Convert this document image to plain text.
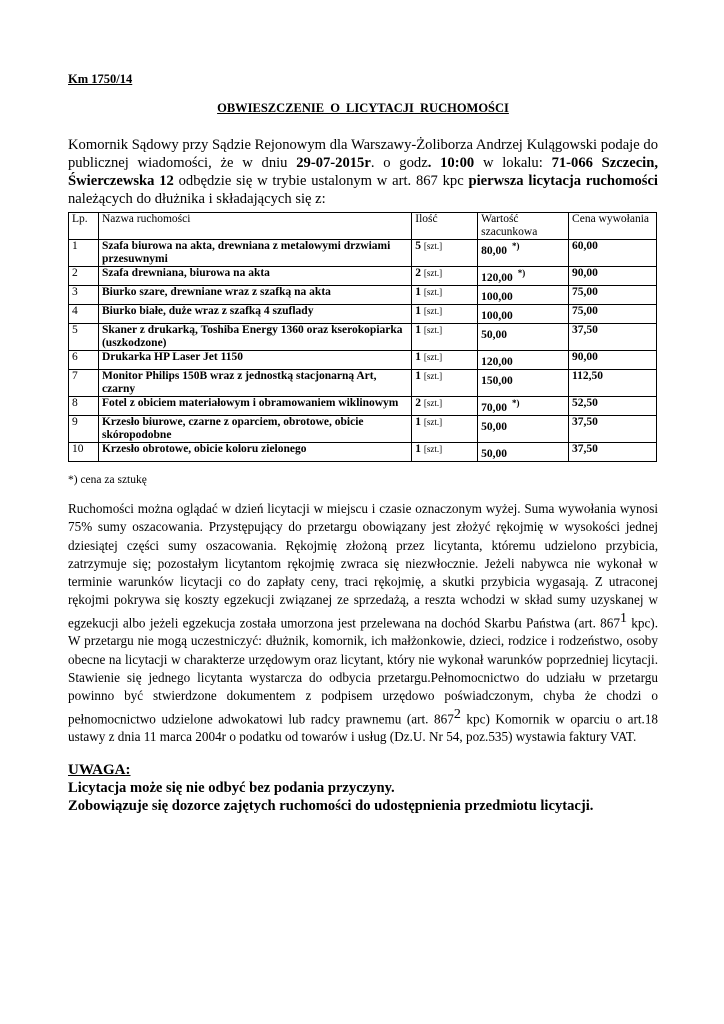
Km 1750/14

OBWIESZCZENIE O LICYTACJI RUCHOMOŚCI

Komornik Sądowy przy Sądzie Rejonowym dla Warszawy-Żoliborza Andrzej Kulągowski podaje do publicznej wiadomości, że w dniu 29-07-2015r. o godz. 10:00 w lokalu: 71-066 Szczecin, Świerczewska 12 odbędzie się w trybie ustalonym w art. 867 kpc pierwsza licytacja ruchomości należących do dłużnika i składających się z:

Lp.	Nazwa ruchomości	Ilość	Wartość szacunkowa	Cena wywołania
1	Szafa biurowa na akta, drewniana z metalowymi drzwiami przesuwnymi	5 [szt.]	80,00 *)	60,00
2	Szafa drewniana, biurowa na akta	2 [szt.]	120,00 *)	90,00
3	Biurko szare, drewniane wraz z szafką na akta	1 [szt.]	100,00	75,00
4	Biurko białe, duże wraz z szafką 4 szuflady	1 [szt.]	100,00	75,00
5	Skaner z drukarką, Toshiba Energy 1360 oraz kserokopiarka (uszkodzone)	1 [szt.]	50,00	37,50
6	Drukarka HP Laser Jet 1150	1 [szt.]	120,00	90,00
7	Monitor Philips 150B wraz z jednostką stacjonarną Art, czarny	1 [szt.]	150,00	112,50
8	Fotel z obiciem materiałowym i obramowaniem wiklinowym	2 [szt.]	70,00 *)	52,50
9	Krzesło biurowe, czarne z oparciem, obrotowe, obicie skóropodobne	1 [szt.]	50,00	37,50
10	Krzesło obrotowe, obicie koloru zielonego	1 [szt.]	50,00	37,50

*) cena za sztukę

Ruchomości można oglądać w dzień licytacji w miejscu i czasie oznaczonym wyżej. Suma wywołania wynosi 75% sumy oszacowania. Przystępujący do przetargu obowiązany jest złożyć rękojmię w wysokości jednej dziesiątej części sumy oszacowania. Rękojmię złożoną przez licytanta, któremu udzielono przybicia, zatrzymuje się; pozostałym licytantom rękojmię zwraca się niezwłocznie. Jeżeli nabywca nie wykonał w terminie warunków licytacji co do zapłaty ceny, traci rękojmię, a skutki przybicia wygasają. Z utraconej rękojmi pokrywa się koszty egzekucji związanej ze sprzedażą, a reszta wchodzi w skład sumy uzyskanej w egzekucji albo jeżeli egzekucja została umorzona jest przelewana na dochód Skarbu Państwa (art. $867^1$ kpc). W przetargu nie mogą uczestniczyć: dłużnik, komornik, ich małżonkowie, dzieci, rodzice i rodzeństwo, osoby obecne na licytacji w charakterze urzędowym oraz licytant, który nie wykonał warunków poprzedniej licytacji. Stawienie się jednego licytanta wystarcza do odbycia przetargu.Pełnomocnictwo do udziału w przetargu powinno być stwierdzone dokumentem z podpisem urzędowo poświadczonym, chyba że chodzi o pełnomocnictwo udzielone adwokatowi lub radcy prawnemu (art. $867^2$ kpc) Komornik w oparciu o art.18 ustawy z dnia 11 marca 2004r o podatku od towarów i usług (Dz.U. Nr 54, poz.535) wystawia faktury VAT.

UWAGA:

Licytacja może się nie odbyć bez podania przyczyny.

Zobowiązuje się dozorce zajętych ruchomości do udostępnienia przedmiotu licytacji.
